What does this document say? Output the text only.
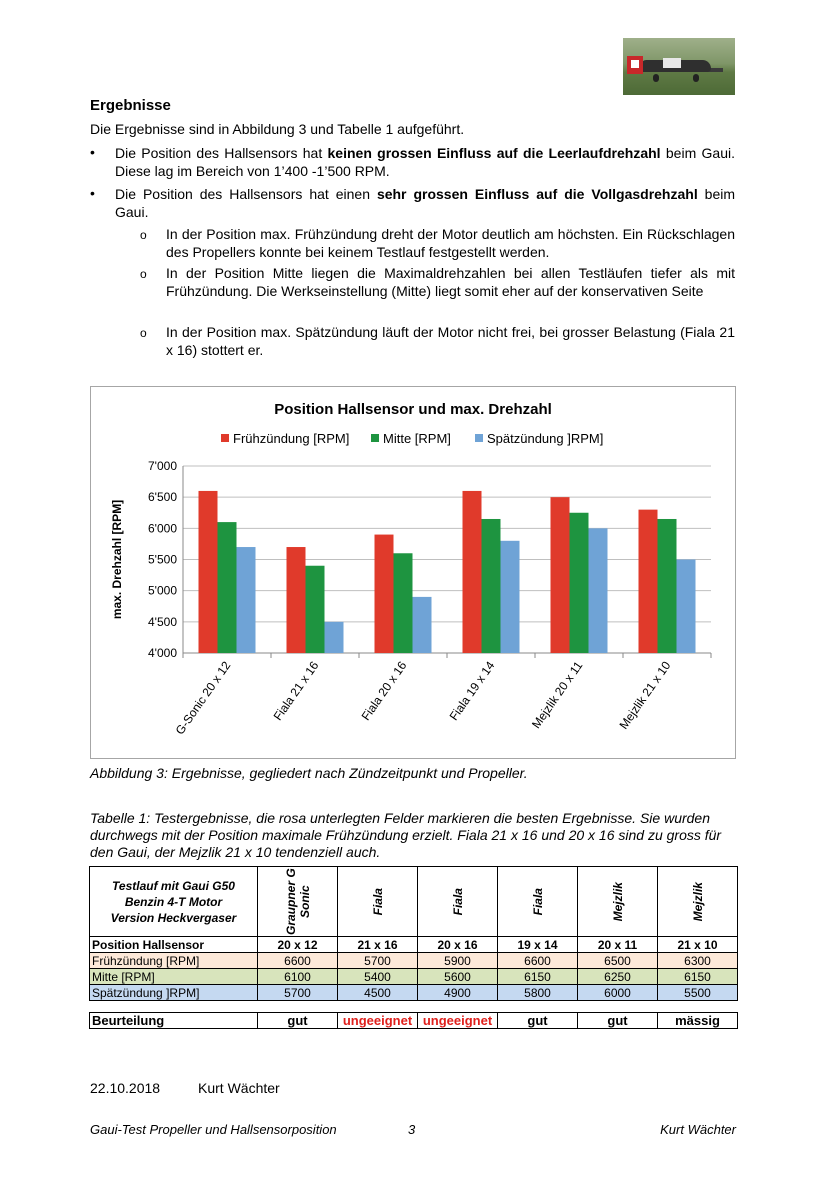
Ergebnisse
Die Ergebnisse sind in Abbildung 3 und Tabelle 1 aufgeführt.
• Die Position des Hallsensors hat keinen grossen Einfluss auf die Leerlaufdrehzahl beim Gaui. Diese lag im Bereich von 1’400 -1’500 RPM.
• Die Position des Hallsensors hat einen sehr grossen Einfluss auf die Vollgasdrehzahl beim Gaui.
o In der Position max. Frühzündung dreht der Motor deutlich am höchsten. Ein Rückschlagen des Propellers konnte bei keinem Testlauf festgestellt werden.
o In der Position Mitte liegen die Maximaldrehzahlen bei allen Testläufen tiefer als mit Frühzündung. Die Werkseinstellung (Mitte) liegt somit eher auf der konservativen Seite
o In der Position max. Spätzündung läuft der Motor nicht frei, bei grosser Belastung (Fiala 21 x 16) stottert er.
Position Hallsensor und max. Drehzahl
Frühzündung [RPM]	Mitte [RPM]	Spätzündung ]RPM]
4'000
4'500
5'000
5'500
6'000
6'500
7'000
max. Drehzahl [RPM]
G-Sonic 20 x 12	Fiala 21 x 16	Fiala 20 x 16	Fiala 19 x 14	Mejzlik 20 x 11	Mejzlik 21 x 10
Abbildung 3: Ergebnisse, gegliedert nach Zündzeitpunkt und Propeller.
Tabelle 1: Testergebnisse, die rosa unterlegten Felder markieren die besten Ergebnisse. Sie wurden durchwegs mit der Position maximale Frühzündung erzielt. Fiala 21 x 16 und 20 x 16 sind zu gross für den Gaui, der Mejzlik 21 x 10 tendenziell auch.
Testlauf mit Gaui G50
Benzin 4-T Motor
Version Heckvergaser	Graupner G Sonic	Fiala	Fiala	Fiala	Mejzlik	Mejzlik

Position Hallsensor	20 x 12	21 x 16	20 x 16	19 x 14	20 x 11	21 x 10
Frühzündung [RPM]	6600	5700	5900	6600	6500	6300
Mitte [RPM]	6100	5400	5600	6150	6250	6150
Spätzündung ]RPM]	5700	4500	4900	5800	6000	5500
Beurteilung	gut	ungeeignet	ungeeignet	gut	gut	mässig
22.10.2018	Kurt Wächter
Gaui-Test Propeller und Hallsensorposition	3	Kurt Wächter
